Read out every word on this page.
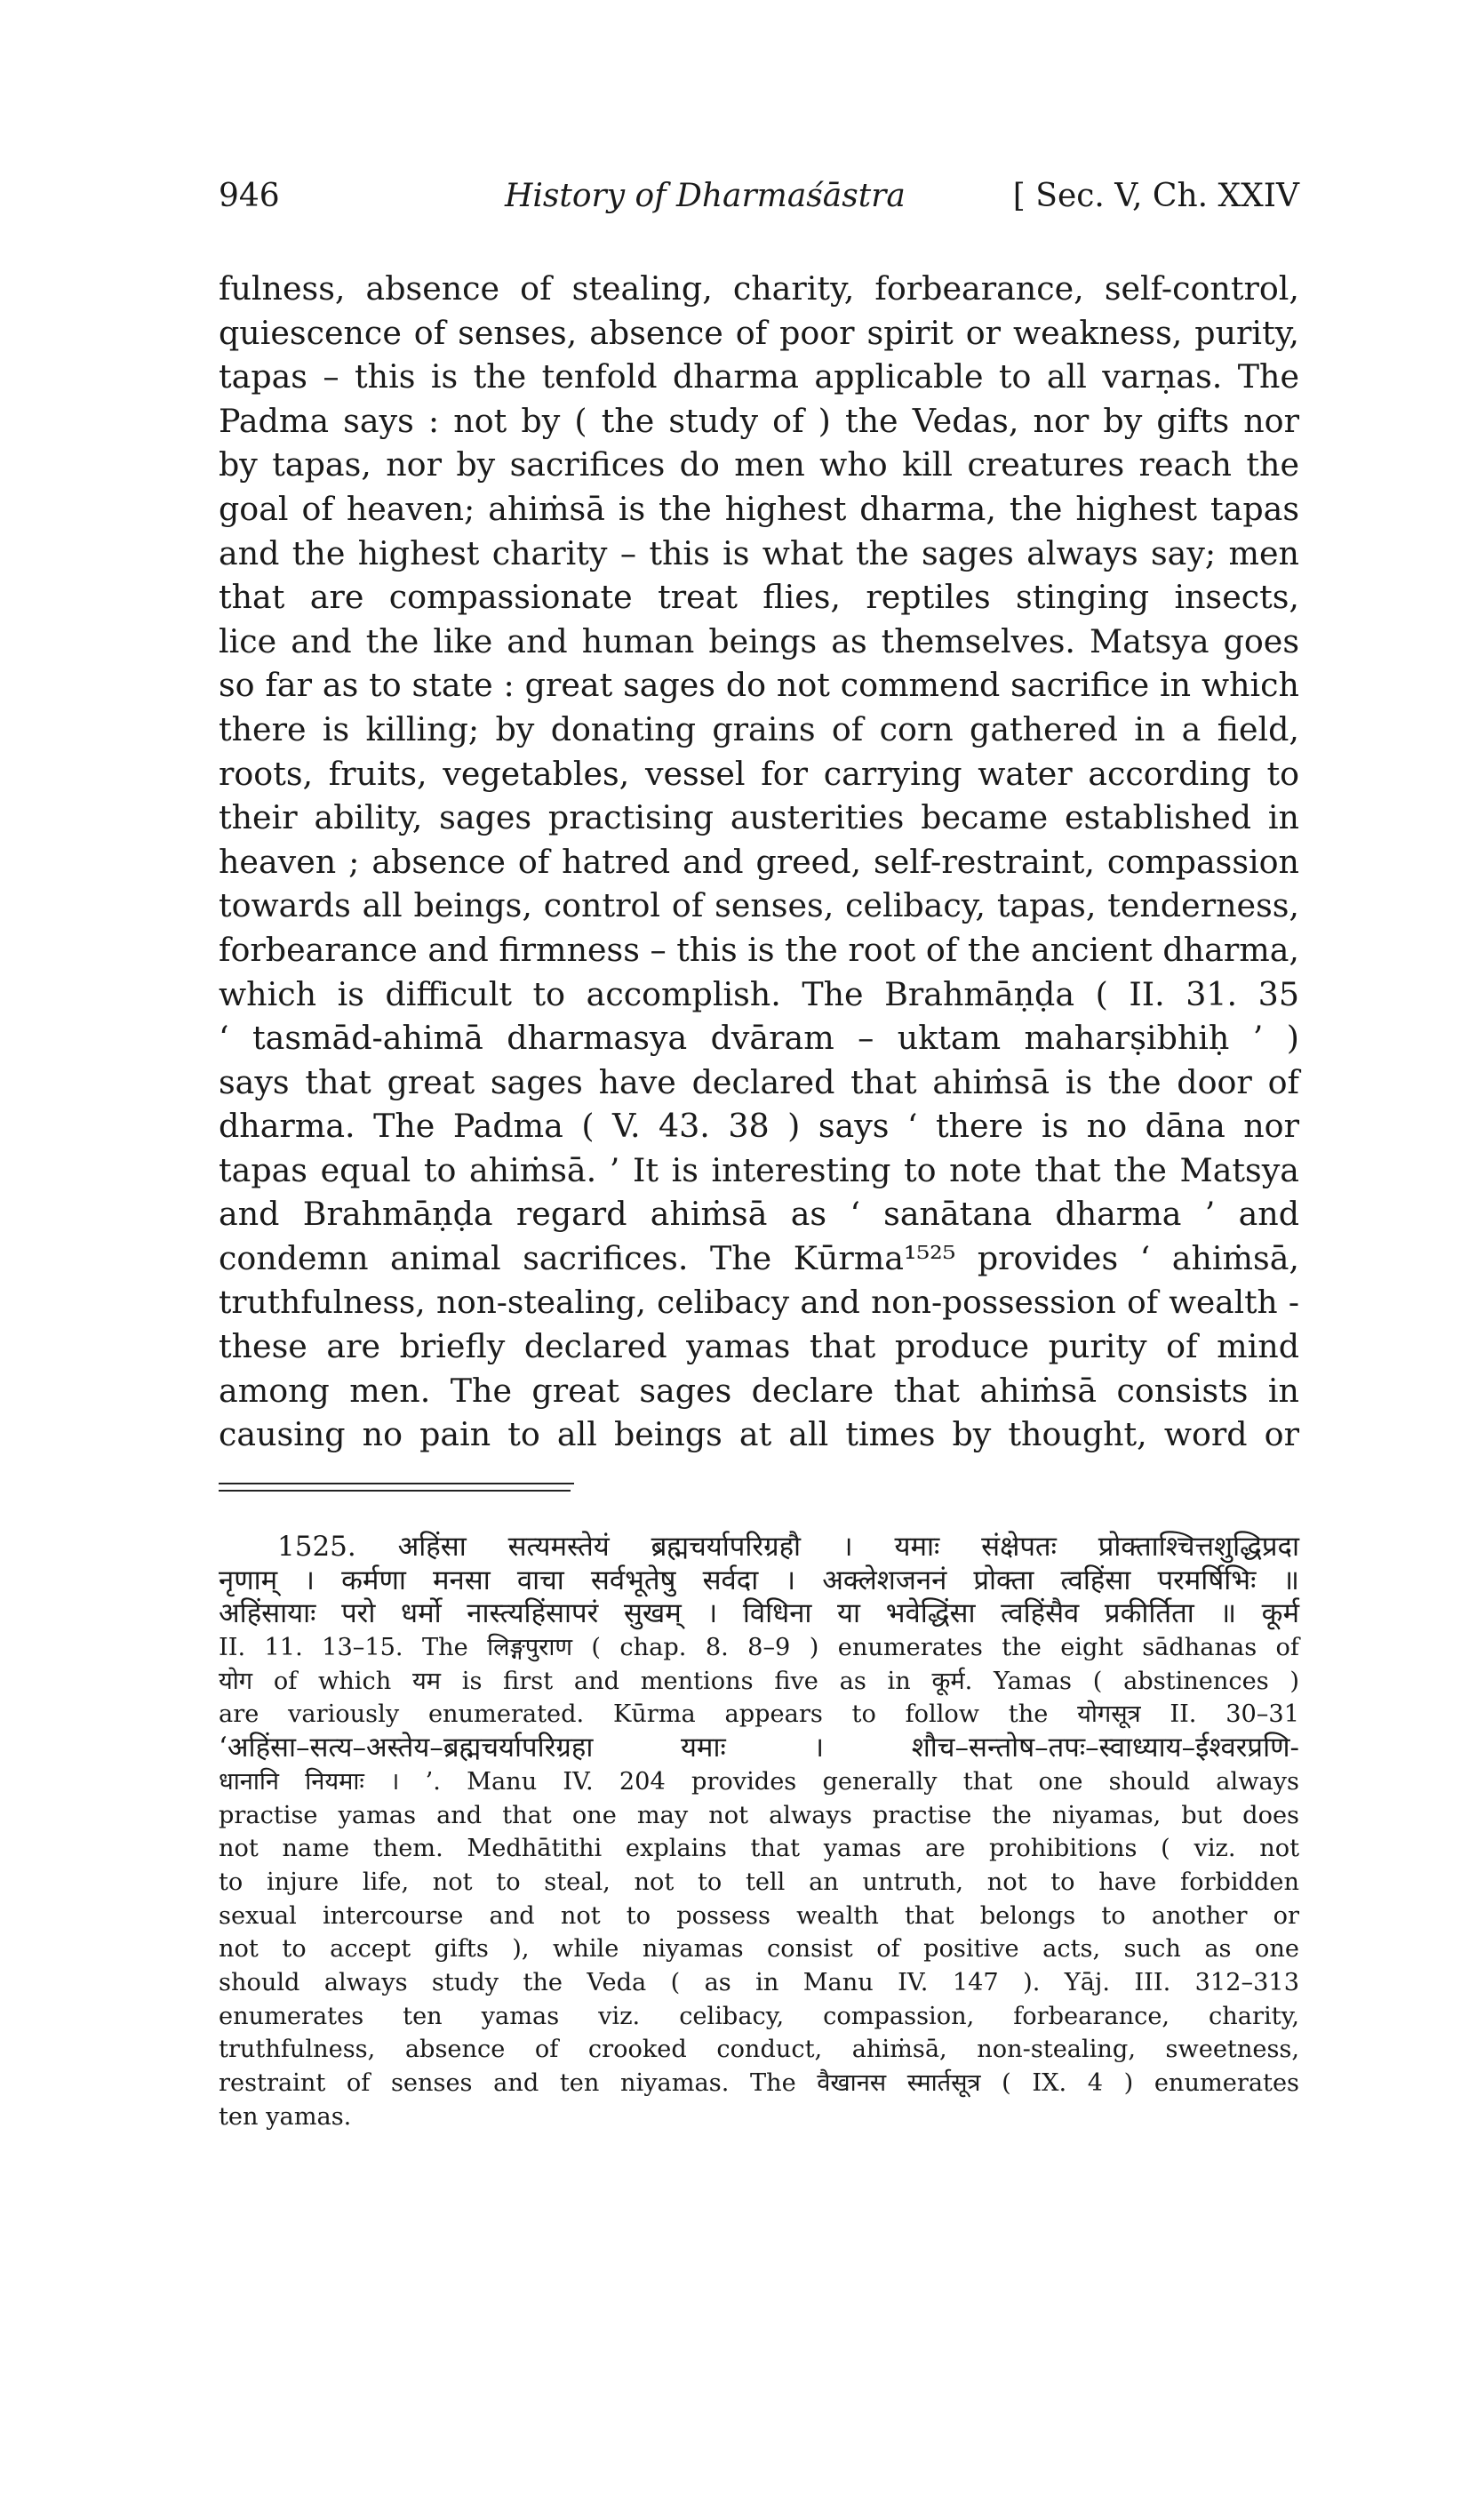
946	History of Dharmaśāstra	[ Sec. V, Ch. XXIV
fulness, absence of stealing, charity, forbearance, self-control,
quiescence of senses, absence of poor spirit or weakness, purity,
tapas – this is the tenfold dharma applicable to all varṇas. The
Padma says : not by ( the study of ) the Vedas, nor by gifts nor
by tapas, nor by sacrifices do men who kill creatures reach the
goal of heaven; ahiṁsā is the highest dharma, the highest tapas
and the highest charity – this is what the sages always say; men
that are compassionate treat flies, reptiles stinging insects,
lice and the like and human beings as themselves. Matsya goes
so far as to state : great sages do not commend sacrifice in which
there is killing; by donating grains of corn gathered in a field,
roots, fruits, vegetables, vessel for carrying water according to
their ability, sages practising austerities became established in
heaven ; absence of hatred and greed, self-restraint, compassion
towards all beings, control of senses, celibacy, tapas, tenderness,
forbearance and firmness – this is the root of the ancient dharma,
which is difficult to accomplish. The Brahmāṇḍa ( II. 31. 35
‘ tasmād-ahimā dharmasya dvāram – uktam maharṣibhiḥ ’ )
says that great sages have declared that ahiṁsā is the door of
dharma. The Padma ( V. 43. 38 ) says ‘ there is no dāna nor
tapas equal to ahiṁsā. ’ It is interesting to note that the Matsya
and Brahmāṇḍa regard ahiṁsā as ‘ sanātana dharma ’ and
condemn animal sacrifices. The Kūrma¹⁵²⁵ provides ‘ ahiṁsā,
truthfulness, non-stealing, celibacy and non-possession of wealth -
these are briefly declared yamas that produce purity of mind
among men. The great sages declare that ahiṁsā consists in
causing no pain to all beings at all times by thought, word or
1525. अहिंसा सत्यमस्तेयं ब्रह्मचर्यापरिग्रहौ । यमाः संक्षेपतः प्रोक्ताश्चित्तशुद्धिप्रदा
नृणाम् । कर्मणा मनसा वाचा सर्वभूतेषु सर्वदा । अक्लेशजननं प्रोक्ता त्वहिंसा परमर्षिभिः ॥
अहिंसायाः परो धर्मो नास्त्यहिंसापरं सुखम् । विधिना या भवेद्धिंसा त्वहिंसैव प्रकीर्तिता ॥ कूर्म
II. 11. 13–15. The लिङ्गपुराण ( chap. 8. 8–9 ) enumerates the eight sādhanas of
योग of which यम is first and mentions five as in कूर्म. Yamas ( abstinences )
are variously enumerated. Kūrma appears to follow the योगसूत्र II. 30–31
‘अहिंसा–सत्य–अस्तेय–ब्रह्मचर्यापरिग्रहा यमाः । शौच–सन्तोष–तपः–स्वाध्याय–ईश्वरप्रणि-
धानानि नियमाः । ’. Manu IV. 204 provides generally that one should always
practise yamas and that one may not always practise the niyamas, but does
not name them. Medhātithi explains that yamas are prohibitions ( viz. not
to injure life, not to steal, not to tell an untruth, not to have forbidden
sexual intercourse and not to possess wealth that belongs to another or
not to accept gifts ), while niyamas consist of positive acts, such as one
should always study the Veda ( as in Manu IV. 147 ). Yāj. III. 312–313
enumerates ten yamas viz. celibacy, compassion, forbearance, charity,
truthfulness, absence of crooked conduct, ahiṁsā, non-stealing, sweetness,
restraint of senses and ten niyamas. The वैखानस स्मार्तसूत्र ( IX. 4 ) enumerates
ten yamas.
